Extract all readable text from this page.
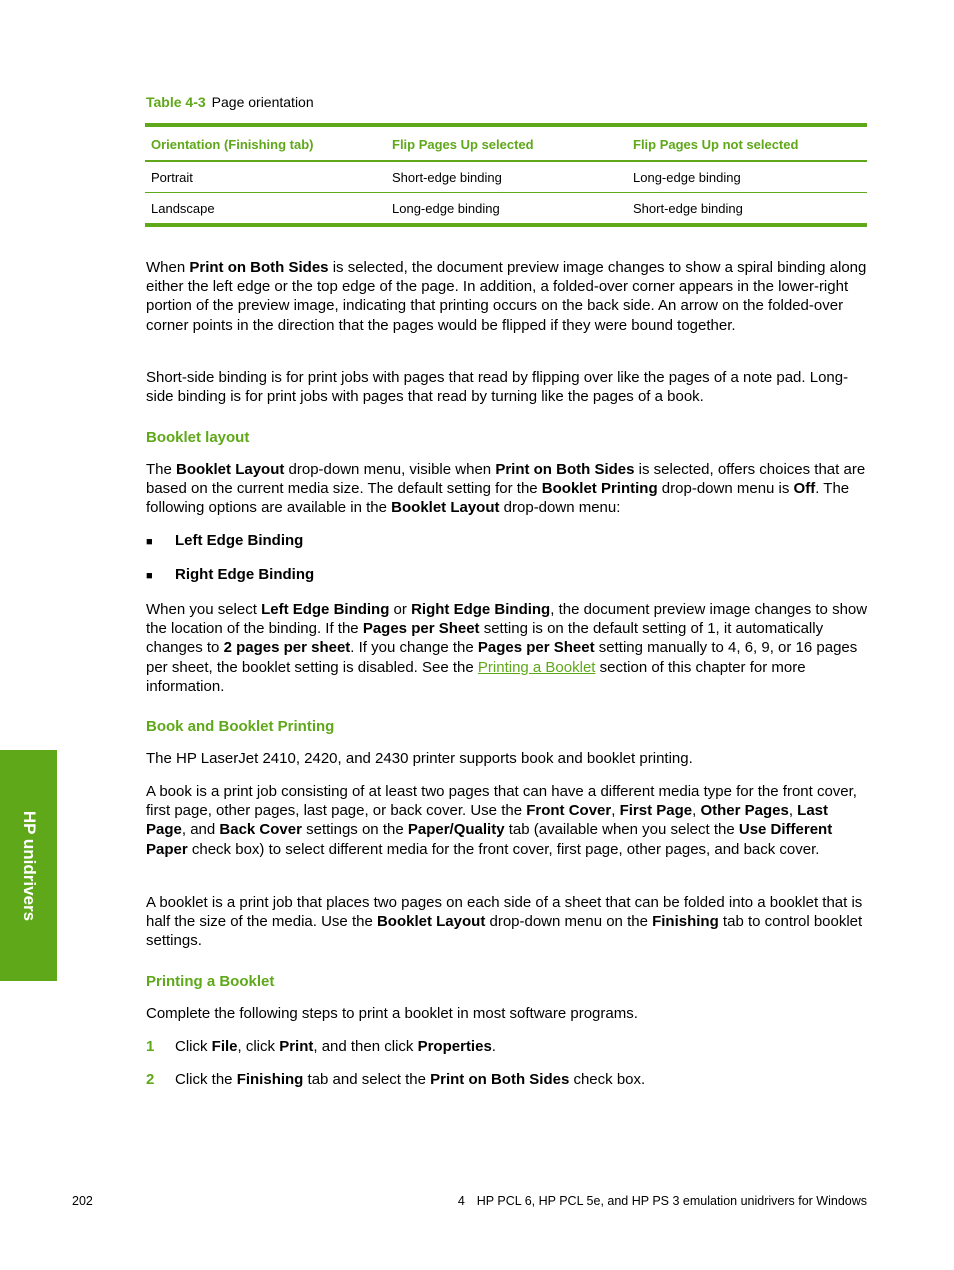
Table 4-3 Page orientation
Orientation (Finishing tab)	Flip Pages Up selected	Flip Pages Up not selected
Portrait	Short-edge binding	Long-edge binding
Landscape	Long-edge binding	Short-edge binding

When Print on Both Sides is selected, the document preview image changes to show a spiral binding along either the left edge or the top edge of the page. In addition, a folded-over corner appears in the lower-right portion of the preview image, indicating that printing occurs on the back side. An arrow on the folded-over corner points in the direction that the pages would be flipped if they were bound together.

Short-side binding is for print jobs with pages that read by flipping over like the pages of a note pad. Long-side binding is for print jobs with pages that read by turning like the pages of a book.

Booklet layout

The Booklet Layout drop-down menu, visible when Print on Both Sides is selected, offers choices that are based on the current media size. The default setting for the Booklet Printing drop-down menu is Off. The following options are available in the Booklet Layout drop-down menu:

■ Left Edge Binding
■ Right Edge Binding

When you select Left Edge Binding or Right Edge Binding, the document preview image changes to show the location of the binding. If the Pages per Sheet setting is on the default setting of 1, it automatically changes to 2 pages per sheet. If you change the Pages per Sheet setting manually to 4, 6, 9, or 16 pages per sheet, the booklet setting is disabled. See the Printing a Booklet section of this chapter for more information.

Book and Booklet Printing

The HP LaserJet 2410, 2420, and 2430 printer supports book and booklet printing.

A book is a print job consisting of at least two pages that can have a different media type for the front cover, first page, other pages, last page, or back cover. Use the Front Cover, First Page, Other Pages, Last Page, and Back Cover settings on the Paper/Quality tab (available when you select the Use Different Paper check box) to select different media for the front cover, first page, other pages, and back cover.

A booklet is a print job that places two pages on each side of a sheet that can be folded into a booklet that is half the size of the media. Use the Booklet Layout drop-down menu on the Finishing tab to control booklet settings.

Printing a Booklet

Complete the following steps to print a booklet in most software programs.

1 Click File, click Print, and then click Properties.
2 Click the Finishing tab and select the Print on Both Sides check box.
HP unidrivers
202	4 HP PCL 6, HP PCL 5e, and HP PS 3 emulation unidrivers for Windows
